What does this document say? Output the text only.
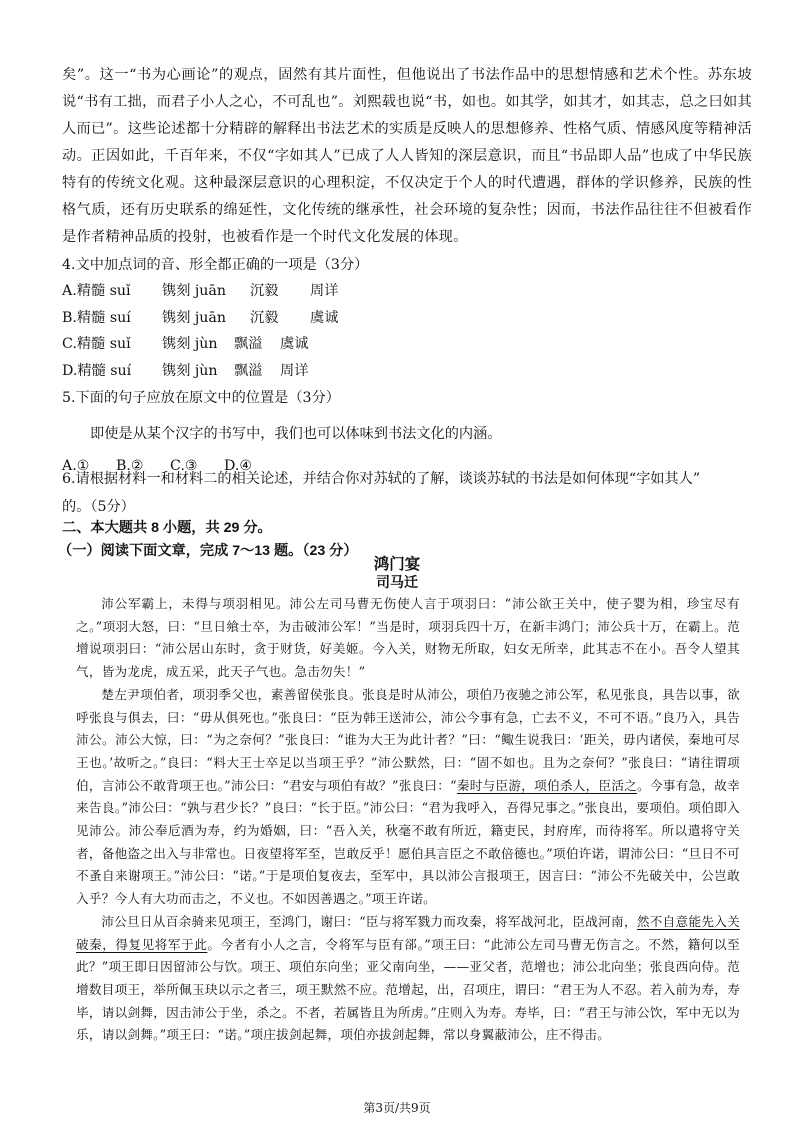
矣”。这一“书为心画论”的观点，固然有其片面性，但他说出了书法作品中的思想情感和艺术个性。苏东坡说“书有工拙，而君子小人之心，不可乱也”。刘熙载也说“书，如也。如其学，如其才，如其志，总之曰如其人而已”。这些论述都十分精辟的解释出书法艺术的实质是反映人的思想修养、性格气质、情感风度等精神活动。正因如此，千百年来，不仅“字如其人”已成了人人皆知的深层意识，而且“书品即人品”也成了中华民族特有的传统文化观。这种最深层意识的心理积淀，不仅决定于个人的时代遭遇，群体的学识修养，民族的性格气质，还有历史联系的绵延性，文化传统的继承性，社会环境的复杂性；因而，书法作品往往不但被看作是作者精神品质的投射，也被看作是一个时代文化发展的体现。

4.文中加点词的音、形全都正确的一项是（3分）
A.精髓 suǐ	镌刻 juān	沉毅	周详
B.精髓 suí	镌刻 juān	沉毅	虞诚
C.精髓 suǐ	镌刻 jùn	飘溢	虞诚
D.精髓 suí	镌刻 jùn	飘溢	周详
5.下面的句子应放在原文中的位置是（3分）
即使是从某个汉字的书写中，我们也可以体味到书法文化的内涵。
A.①	B.②	C.③	D.④
6.请根据材料一和材料二的相关论述，并结合你对苏轼的了解，谈谈苏轼的书法是如何体现“字如其人”
的。（5分）
二、本大题共 8 小题，共 29 分。
（一）阅读下面文章，完成 7～13 题。（23 分）
鸿门宴
司马迁

沛公军霸上，未得与项羽相见。沛公左司马曹无伤使人言于项羽曰：“沛公欲王关中，使子婴为相，珍宝尽有之。”项羽大怒，曰：“旦日飨士卒，为击破沛公军！”当是时，项羽兵四十万，在新丰鸿门；沛公兵十万，在霸上。范增说项羽曰：“沛公居山东时，贪于财货，好美姬。今入关，财物无所取，妇女无所幸，此其志不在小。吾令人望其气，皆为龙虎，成五采，此天子气也。急击勿失！”

楚左尹项伯者，项羽季父也，素善留侯张良。张良是时从沛公，项伯乃夜驰之沛公军，私见张良，具告以事，欲呼张良与俱去，曰：“毋从俱死也。”张良曰：“臣为韩王送沛公，沛公今事有急，亡去不义，不可不语。”良乃入，具告沛公。沛公大惊，曰：“为之奈何？”张良曰：“谁为大王为此计者？”曰：“鲰生说我曰：‘距关，毋内诸侯，秦地可尽王也。’故听之。”良曰：“料大王士卒足以当项王乎？”沛公默然，曰：“固不如也。且为之奈何？”张良曰：“请往谓项伯，言沛公不敢背项王也。”沛公曰：“君安与项伯有故？”张良曰：“秦时与臣游，项伯杀人，臣活之。今事有急，故幸来告良。”沛公曰：“孰与君少长？”良曰：“长于臣。”沛公曰：“君为我呼入，吾得兄事之。”张良出，要项伯。项伯即入见沛公。沛公奉卮酒为寿，约为婚姻，曰：“吾入关，秋毫不敢有所近，籍吏民，封府库，而待将军。所以遣将守关者，备他盗之出入与非常也。日夜望将军至，岂敢反乎！愿伯具言臣之不敢倍德也。”项伯许诺，谓沛公曰：“旦日不可不蚤自来谢项王。”沛公曰：“诺。”于是项伯复夜去，至军中，具以沛公言报项王，因言曰：“沛公不先破关中，公岂敢入乎？今人有大功而击之，不义也。不如因善遇之。”项王许诺。

沛公旦日从百余骑来见项王，至鸿门，谢曰：“臣与将军戮力而攻秦，将军战河北，臣战河南，然不自意能先入关破秦，得复见将军于此。今者有小人之言，令将军与臣有郤。”项王曰：“此沛公左司马曹无伤言之。不然，籍何以至此？”项王即日因留沛公与饮。项王、项伯东向坐；亚父南向坐，——亚父者，范增也；沛公北向坐；张良西向侍。范增数目项王，举所佩玉玦以示之者三，项王默然不应。范增起，出，召项庄，谓曰：“君王为人不忍。若入前为寿，寿毕，请以剑舞，因击沛公于坐，杀之。不者，若属皆且为所虏。”庄则入为寿。寿毕，曰：“君王与沛公饮，军中无以为乐，请以剑舞。”项王曰：“诺。”项庄拔剑起舞，项伯亦拔剑起舞，常以身翼蔽沛公，庄不得击。

第3页/共9页
